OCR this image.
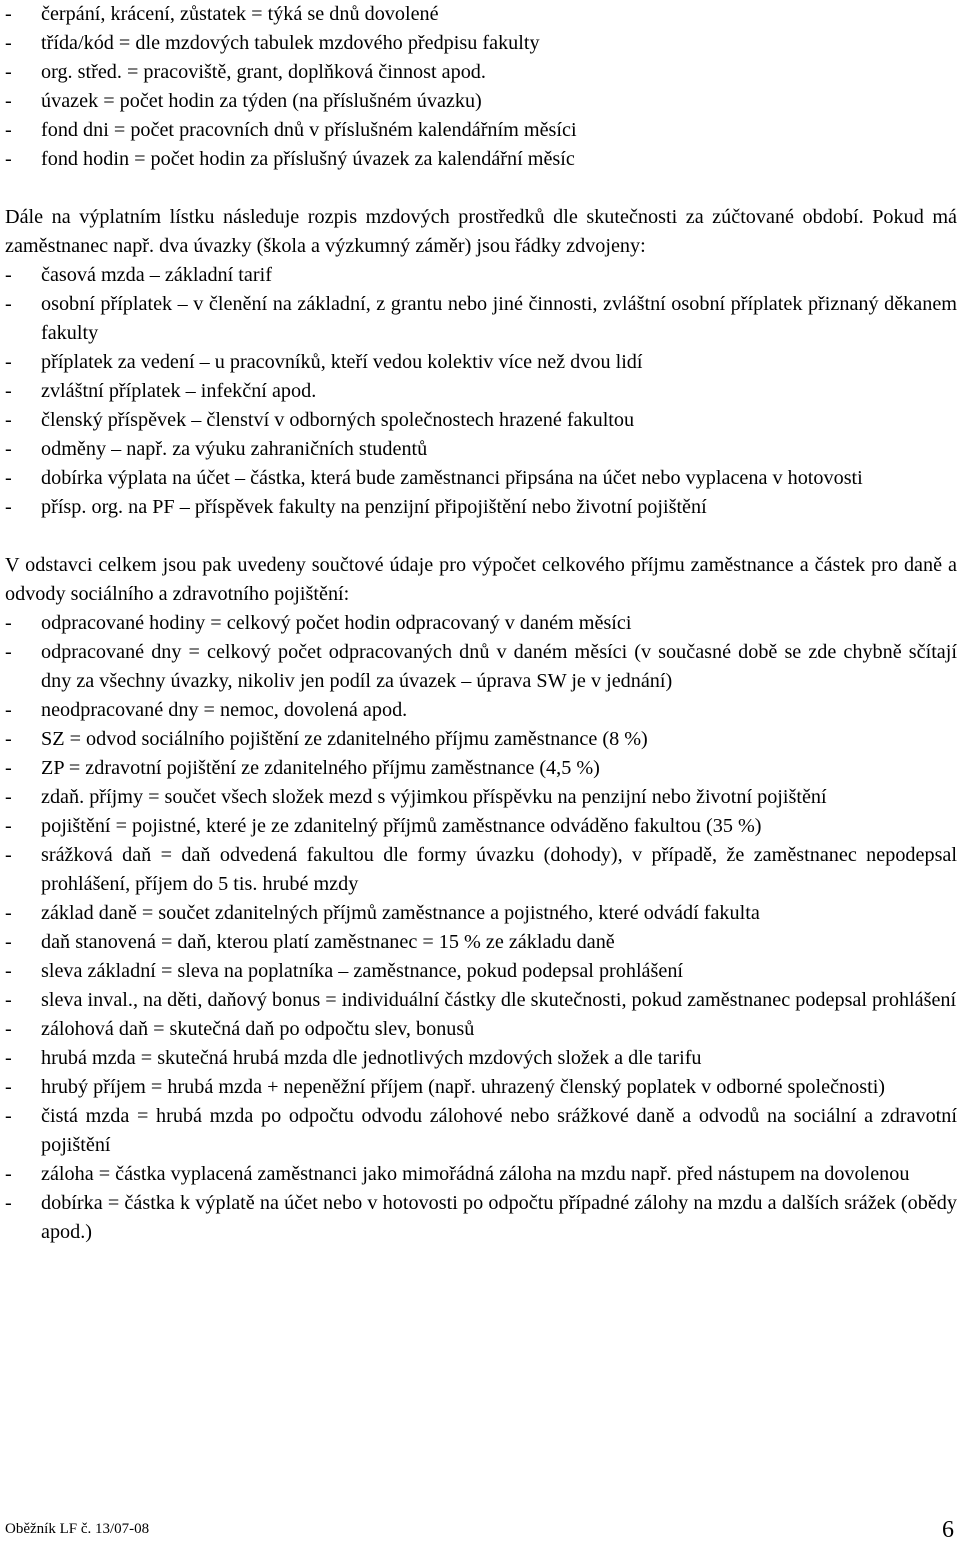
-	čerpání, krácení, zůstatek = týká se dnů dovolené
-	třída/kód = dle mzdových tabulek mzdového předpisu fakulty
-	org. střed. = pracoviště, grant, doplňková činnost apod.
-	úvazek = počet hodin za týden (na příslušném úvazku)
-	fond dni = počet pracovních dnů v příslušném kalendářním měsíci
-	fond hodin = počet hodin za příslušný úvazek za kalendářní měsíc

Dále na výplatním lístku následuje rozpis mzdových prostředků dle skutečnosti za zúčtované období. Pokud má zaměstnanec např. dva úvazky (škola a výzkumný záměr) jsou řádky zdvojeny:

-	časová mzda – základní tarif
-	osobní příplatek – v členění na základní, z grantu nebo jiné činnosti, zvláštní osobní příplatek přiznaný děkanem fakulty
-	příplatek za vedení – u pracovníků, kteří vedou kolektiv více než dvou lidí
-	zvláštní příplatek – infekční apod.
-	členský příspěvek – členství v odborných společnostech hrazené fakultou
-	odměny – např. za výuku zahraničních studentů
-	dobírka výplata na účet – částka, která bude zaměstnanci připsána na účet nebo vyplacena v hotovosti
-	přísp. org. na PF – příspěvek fakulty na penzijní připojištění nebo životní pojištění

V odstavci celkem jsou pak uvedeny součtové údaje pro výpočet celkového příjmu zaměstnance a částek pro daně a odvody sociálního a zdravotního pojištění:

-	odpracované hodiny = celkový počet hodin odpracovaný v daném měsíci
-	odpracované dny = celkový počet odpracovaných dnů v daném měsíci (v současné době se zde chybně sčítají dny za všechny úvazky, nikoliv jen podíl za úvazek – úprava SW je v jednání)
-	neodpracované dny = nemoc, dovolená apod.
-	SZ = odvod sociálního pojištění ze zdanitelného příjmu zaměstnance (8 %)
-	ZP = zdravotní pojištění ze zdanitelného příjmu zaměstnance (4,5 %)
-	zdaň. příjmy = součet všech složek mezd s výjimkou příspěvku na penzijní nebo životní pojištění
-	pojištění = pojistné, které je ze zdanitelný příjmů zaměstnance odváděno fakultou (35 %)
-	srážková daň = daň odvedená fakultou dle formy úvazku (dohody), v případě, že zaměstnanec nepodepsal prohlášení, příjem do 5 tis. hrubé mzdy
-	základ daně = součet zdanitelných příjmů zaměstnance a pojistného, které odvádí fakulta
-	daň stanovená = daň, kterou platí zaměstnanec = 15 % ze základu daně
-	sleva základní = sleva na poplatníka – zaměstnance, pokud podepsal prohlášení
-	sleva inval., na děti, daňový bonus = individuální částky dle skutečnosti, pokud zaměstnanec podepsal prohlášení
-	zálohová daň = skutečná daň po odpočtu slev, bonusů
-	hrubá mzda = skutečná hrubá mzda dle jednotlivých mzdových složek a dle tarifu
-	hrubý příjem = hrubá mzda + nepeněžní příjem (např. uhrazený členský poplatek v odborné společnosti)
-	čistá mzda = hrubá mzda po odpočtu odvodu zálohové nebo srážkové daně a odvodů na sociální a zdravotní pojištění
-	záloha = částka vyplacená zaměstnanci jako mimořádná záloha na mzdu např. před nástupem na dovolenou
-	dobírka = částka k výplatě na účet nebo v hotovosti po odpočtu případné zálohy na mzdu a dalších srážek (obědy apod.)
Oběžník LF č. 13/07-08	6
